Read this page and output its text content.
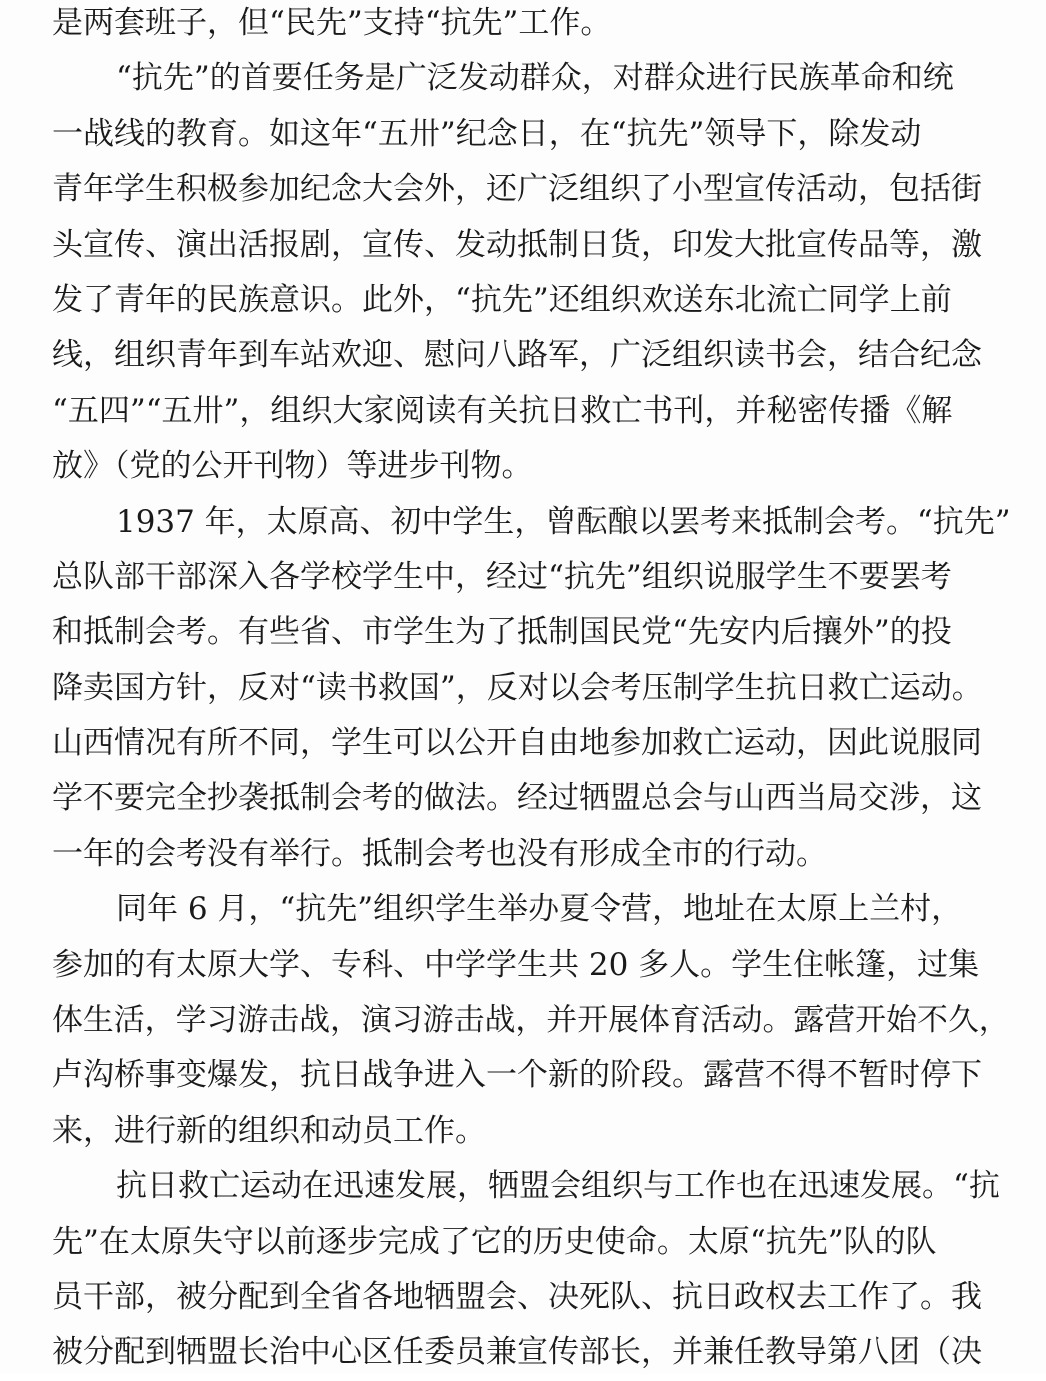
是两套班子，但“民先”支持“抗先”工作。
“抗先”的首要任务是广泛发动群众，对群众进行民族革命和统
一战线的教育。如这年“五卅”纪念日，在“抗先”领导下，除发动
青年学生积极参加纪念大会外，还广泛组织了小型宣传活动，包括街
头宣传、演出活报剧，宣传、发动抵制日货，印发大批宣传品等，激
发了青年的民族意识。此外，“抗先”还组织欢送东北流亡同学上前
线，组织青年到车站欢迎、慰问八路军，广泛组织读书会，结合纪念
“五四”“五卅”，组织大家阅读有关抗日救亡书刊，并秘密传播《解
放》（党的公开刊物）等进步刊物。
1937 年，太原高、初中学生，曾酝酿以罢考来抵制会考。“抗先”
总队部干部深入各学校学生中，经过“抗先”组织说服学生不要罢考
和抵制会考。有些省、市学生为了抵制国民党“先安内后攘外”的投
降卖国方针，反对“读书救国”，反对以会考压制学生抗日救亡运动。
山西情况有所不同，学生可以公开自由地参加救亡运动，因此说服同
学不要完全抄袭抵制会考的做法。经过牺盟总会与山西当局交涉，这
一年的会考没有举行。抵制会考也没有形成全市的行动。
同年 6 月，“抗先”组织学生举办夏令营，地址在太原上兰村，
参加的有太原大学、专科、中学学生共 20 多人。学生住帐篷，过集
体生活，学习游击战，演习游击战，并开展体育活动。露营开始不久，
卢沟桥事变爆发，抗日战争进入一个新的阶段。露营不得不暂时停下
来，进行新的组织和动员工作。
抗日救亡运动在迅速发展，牺盟会组织与工作也在迅速发展。“抗
先”在太原失守以前逐步完成了它的历史使命。太原“抗先”队的队
员干部，被分配到全省各地牺盟会、决死队、抗日政权去工作了。我
被分配到牺盟长治中心区任委员兼宣传部长，并兼任教导第八团（决
